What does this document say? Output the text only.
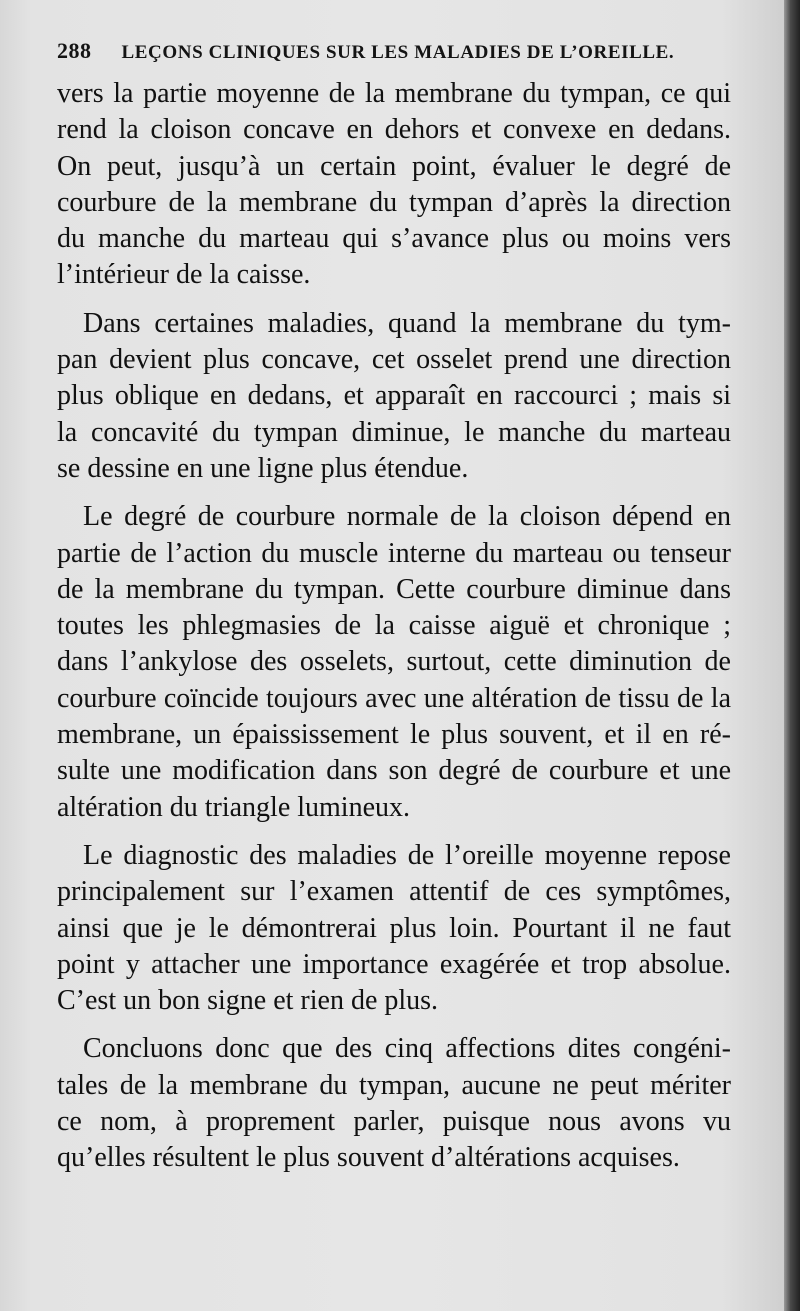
288 LEÇONS CLINIQUES SUR LES MALADIES DE L’OREILLE.
vers la partie moyenne de la membrane du tympan, ce qui
rend la cloison concave en dehors et convexe en dedans.
On peut, jusqu’à un certain point, évaluer le degré de
courbure de la membrane du tympan d’après la direction
du manche du marteau qui s’avance plus ou moins vers
l’intérieur de la caisse.
Dans certaines maladies, quand la membrane du tym-
pan devient plus concave, cet osselet prend une direction
plus oblique en dedans, et apparaît en raccourci ; mais si
la concavité du tympan diminue, le manche du marteau
se dessine en une ligne plus étendue.
Le degré de courbure normale de la cloison dépend en
partie de l’action du muscle interne du marteau ou tenseur
de la membrane du tympan. Cette courbure diminue dans
toutes les phlegmasies de la caisse aiguë et chronique ;
dans l’ankylose des osselets, surtout, cette diminution de
courbure coïncide toujours avec une altération de tissu de la
membrane, un épaississement le plus souvent, et il en ré-
sulte une modification dans son degré de courbure et une
altération du triangle lumineux.
Le diagnostic des maladies de l’oreille moyenne repose
principalement sur l’examen attentif de ces symptômes,
ainsi que je le démontrerai plus loin. Pourtant il ne faut
point y attacher une importance exagérée et trop absolue.
C’est un bon signe et rien de plus.
Concluons donc que des cinq affections dites congéni-
tales de la membrane du tympan, aucune ne peut mériter
ce nom, à proprement parler, puisque nous avons vu
qu’elles résultent le plus souvent d’altérations acquises.
